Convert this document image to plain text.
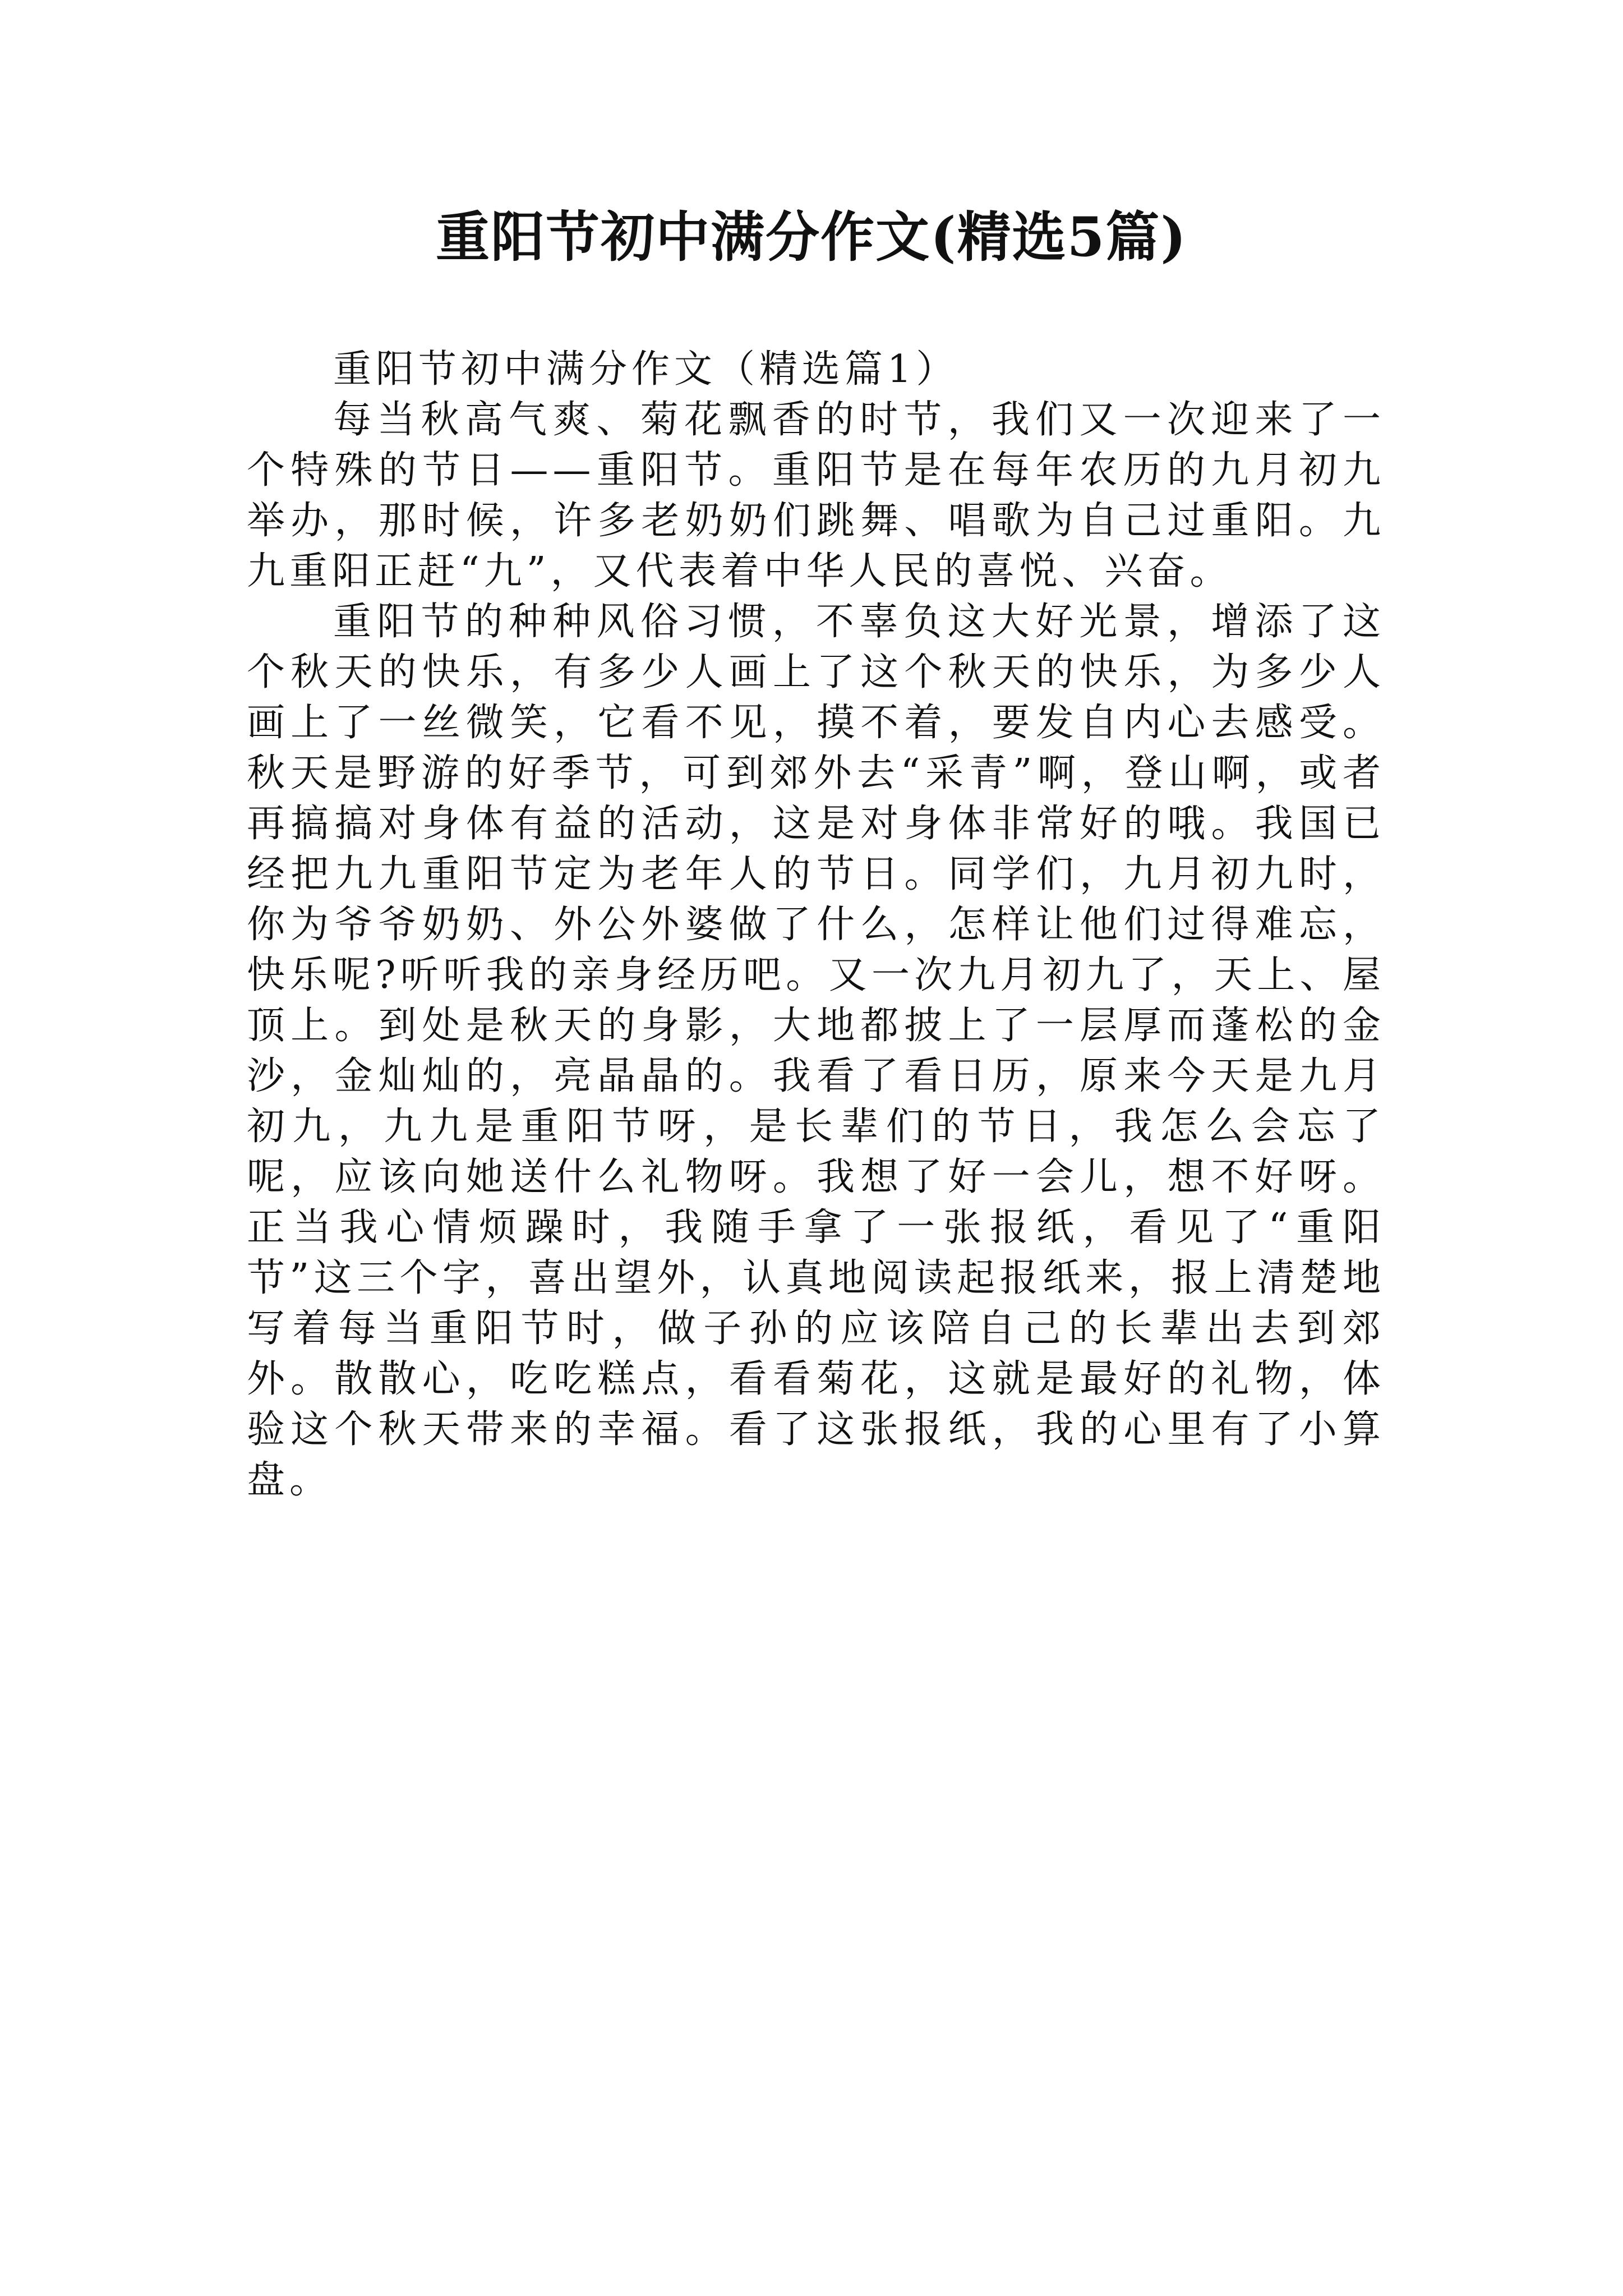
重阳节初中满分作文(精选5篇)

重阳节初中满分作文（精选篇1）

每当秋高气爽、菊花飘香的时节，我们又一次迎来了一个特殊的节日——重阳节。重阳节是在每年农历的九月初九举办，那时候，许多老奶奶们跳舞、唱歌为自己过重阳。九九重阳正赶“九”，又代表着中华人民的喜悦、兴奋。

重阳节的种种风俗习惯，不辜负这大好光景，增添了这个秋天的快乐，有多少人画上了这个秋天的快乐，为多少人画上了一丝微笑，它看不见，摸不着，要发自内心去感受。秋天是野游的好季节，可到郊外去“采青”啊，登山啊，或者再搞搞对身体有益的活动，这是对身体非常好的哦。我国已经把九九重阳节定为老年人的节日。同学们，九月初九时，你为爷爷奶奶、外公外婆做了什么，怎样让他们过得难忘，快乐呢?听听我的亲身经历吧。又一次九月初九了，天上、屋顶上。到处是秋天的身影，大地都披上了一层厚而蓬松的金沙，金灿灿的，亮晶晶的。我看了看日历，原来今天是九月初九，九九是重阳节呀，是长辈们的节日，我怎么会忘了呢，应该向她送什么礼物呀。我想了好一会儿，想不好呀。正当我心情烦躁时，我随手拿了一张报纸，看见了“重阳节”这三个字，喜出望外，认真地阅读起报纸来，报上清楚地写着每当重阳节时，做子孙的应该陪自己的长辈出去到郊外。散散心，吃吃糕点，看看菊花，这就是最好的礼物，体验这个秋天带来的幸福。看了这张报纸，我的心里有了小算盘。
